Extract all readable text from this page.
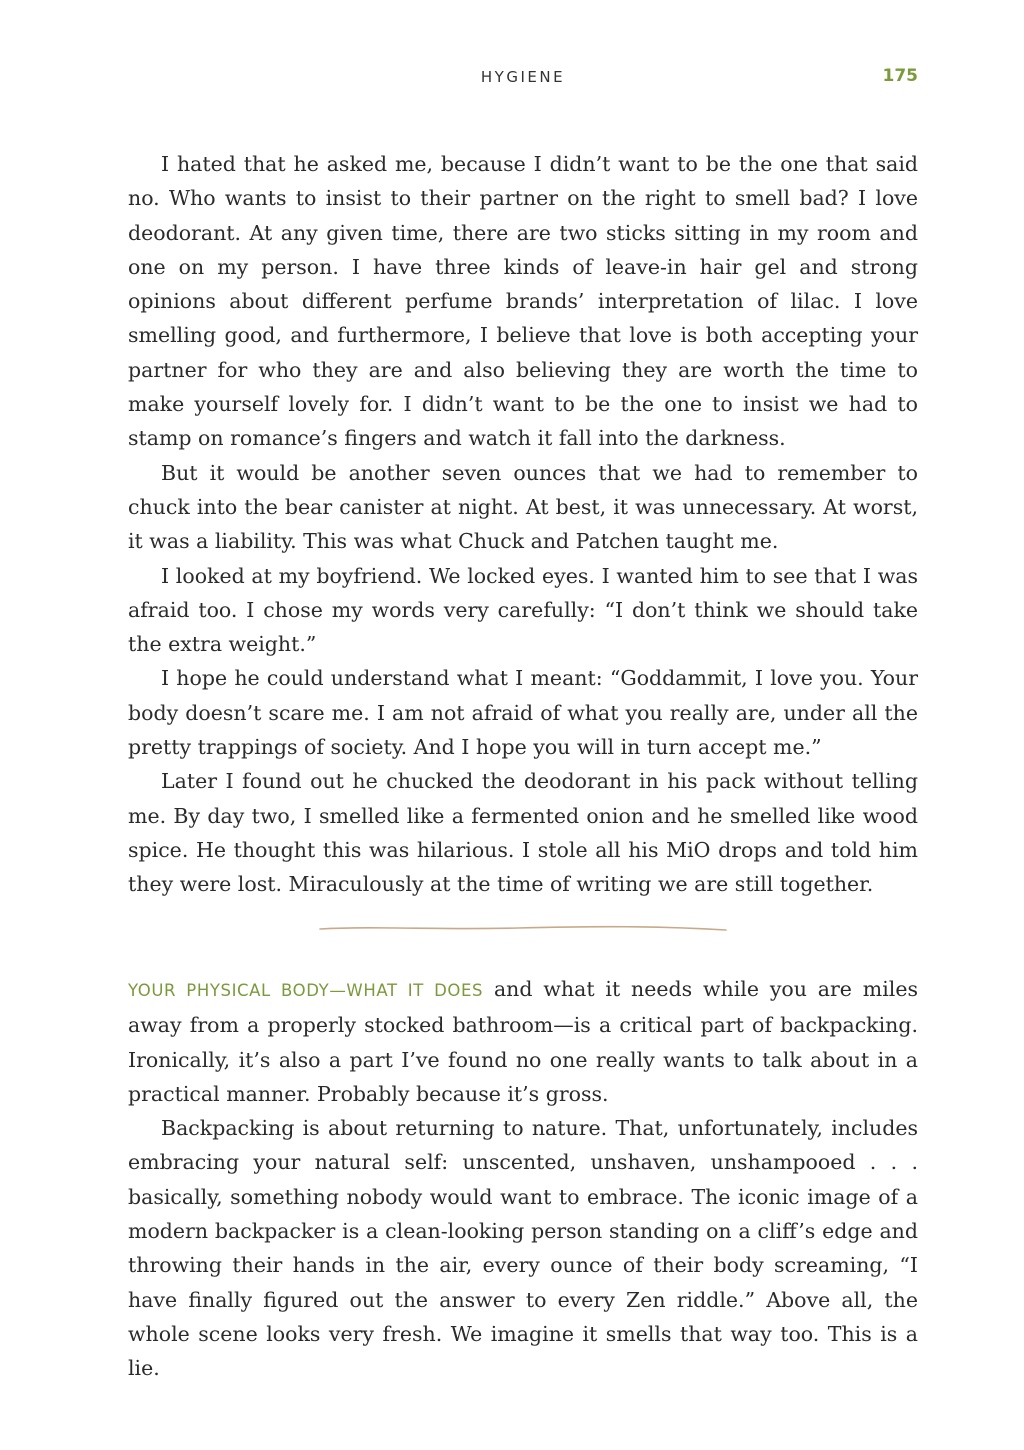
HYGIENE	175

I hated that he asked me, because I didn’t want to be the one that said no. Who wants to insist to their partner on the right to smell bad? I love deodorant. At any given time, there are two sticks sitting in my room and one on my person. I have three kinds of leave-in hair gel and strong opinions about different perfume brands’ interpretation of lilac. I love smelling good, and furthermore, I believe that love is both accepting your partner for who they are and also believing they are worth the time to make yourself lovely for. I didn’t want to be the one to insist we had to stamp on romance’s fingers and watch it fall into the darkness.

But it would be another seven ounces that we had to remember to chuck into the bear canister at night. At best, it was unnecessary. At worst, it was a liability. This was what Chuck and Patchen taught me.

I looked at my boyfriend. We locked eyes. I wanted him to see that I was afraid too. I chose my words very carefully: “I don’t think we should take the extra weight.”

I hope he could understand what I meant: “Goddammit, I love you. Your body doesn’t scare me. I am not afraid of what you really are, under all the pretty trappings of society. And I hope you will in turn accept me.”

Later I found out he chucked the deodorant in his pack without telling me. By day two, I smelled like a fermented onion and he smelled like wood spice. He thought this was hilarious. I stole all his MiO drops and told him they were lost. Miraculously at the time of writing we are still together.

YOUR PHYSICAL BODY—WHAT IT DOES and what it needs while you are miles away from a properly stocked bathroom—is a critical part of backpacking. Ironically, it’s also a part I’ve found no one really wants to talk about in a practical manner. Probably because it’s gross.

Backpacking is about returning to nature. That, unfortunately, includes embracing your natural self: unscented, unshaven, unshampooed . . . basically, something nobody would want to embrace. The iconic image of a modern backpacker is a clean-looking person standing on a cliff’s edge and throwing their hands in the air, every ounce of their body screaming, “I have finally figured out the answer to every Zen riddle.” Above all, the whole scene looks very fresh. We imagine it smells that way too. This is a lie.
